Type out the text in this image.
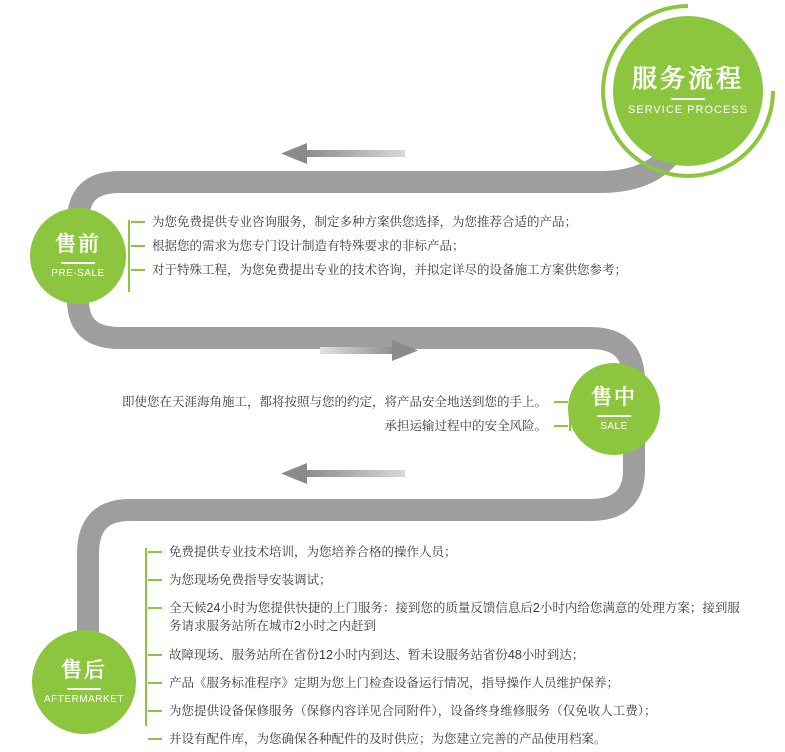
服务流程
SERVICE PROCESS
售前
PRE-SALE
为您免费提供专业咨询服务，制定多种方案供您选择，为您推荐合适的产品；
根据您的需求为您专门设计制造有特殊要求的非标产品；
对于特殊工程，为您免费提出专业的技术咨询，并拟定详尽的设备施工方案供您参考；
售中
SALE
即使您在天涯海角施工，都将按照与您的约定，将产品安全地送到您的手上。
承担运输过程中的安全风险。
售后
AFTERMARKET
免费提供专业技术培训，为您培养合格的操作人员；
为您现场免费指导安装调试；
全天候24小时为您提供快捷的上门服务：接到您的质量反馈信息后2小时内给您满意的处理方案；接到服务请求服务站所在城市2小时之内赶到
故障现场、服务站所在省份12小时内到达、暂未设服务站省份48小时到达；
产品《服务标准程序》定期为您上门检查设备运行情况，指导操作人员维护保养；
为您提供设备保修服务（保修内容详见合同附件），设备终身维修服务（仅免收人工费）；
并设有配件库，为您确保各种配件的及时供应；为您建立完善的产品使用档案。
